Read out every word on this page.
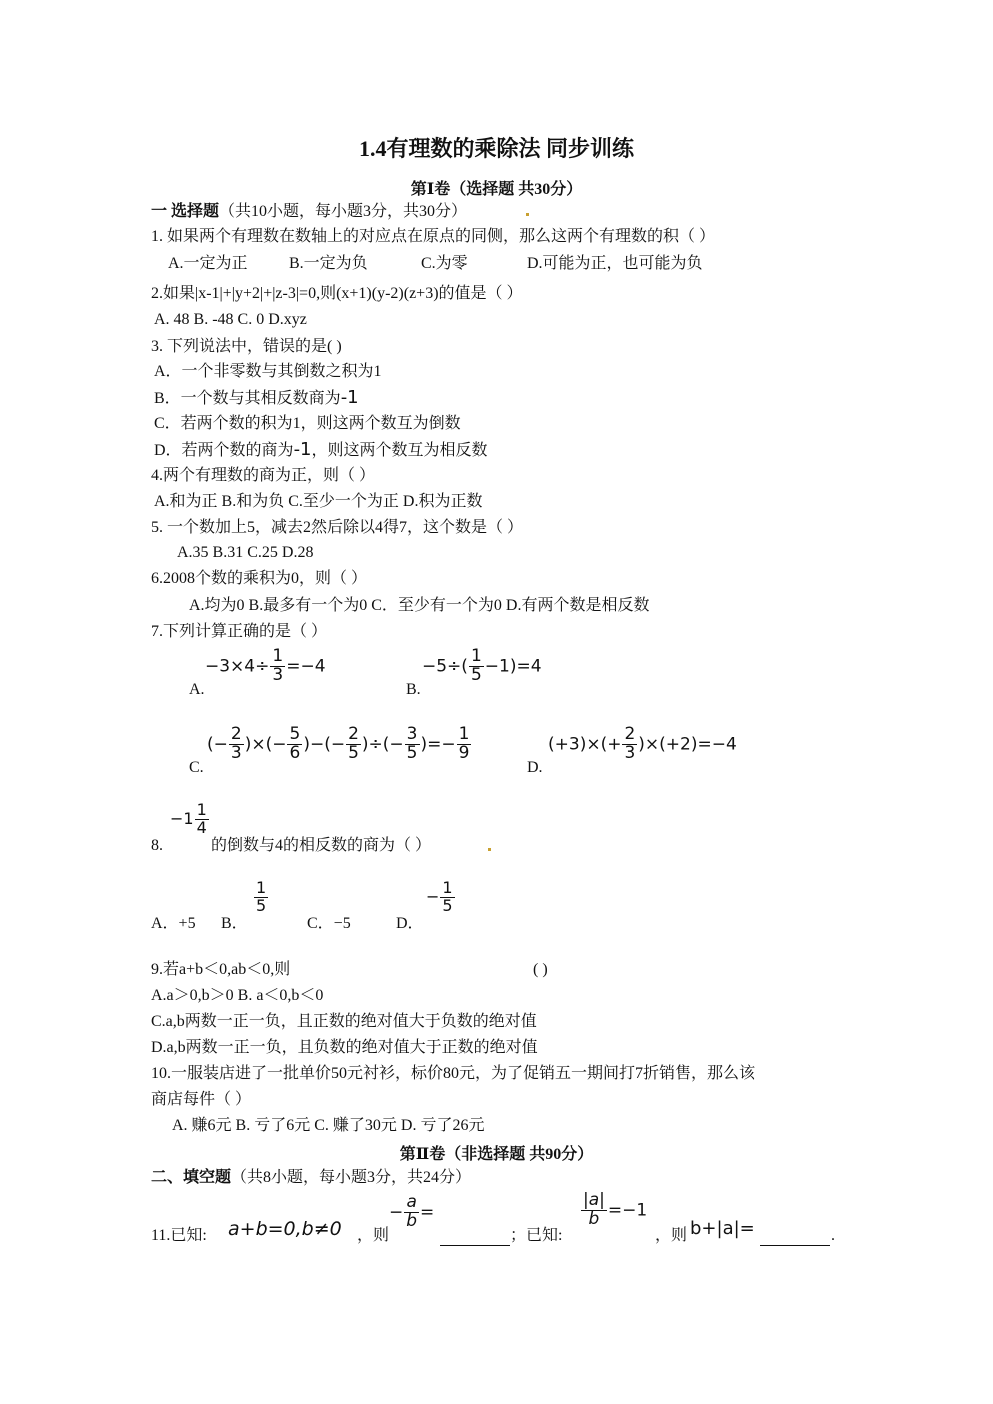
1.4有理数的乘除法 同步训练
第Ⅰ卷（选择题 共30分）
一 选择题（共10小题，每小题3分，共30分）
1. 如果两个有理数在数轴上的对应点在原点的同侧，那么这两个有理数的积（ ）
A.一定为正	B.一定为负	C.为零	D.可能为正，也可能为负
2.如果|x-1|+|y+2|+|z-3|=0,则(x+1)(y-2)(z+3)的值是（ ）
A. 48 B. -48 C. 0 D.xyz
3. 下列说法中，错误的是( )
A．一个非零数与其倒数之积为1
B．一个数与其相反数商为-1
C．若两个数的积为1，则这两个数互为倒数
D．若两个数的商为-1，则这两个数互为相反数
4.两个有理数的商为正，则（ ）
A.和为正 B.和为负 C.至少一个为正 D.积为正数
5. 一个数加上5，减去2然后除以4得7，这个数是（ ）
A.35 B.31 C.25 D.28
6.2008个数的乘积为0，则（ ）
A.均为0 B.最多有一个为0 C．至少有一个为0 D.有两个数是相反数
7.下列计算正确的是（ ）
A.
$-3\times 4\div \frac{1}{3} =-4$
B.
$-5\div( \frac{1}{5} -1)=4$
C.
(− $\frac{2}{3}$ )×(− $\frac{5}{6}$ )−(− $\frac{2}{5}$ )÷(− $\frac{3}{5}$ )=− $\frac{1}{9}$
D.
$(+3)\times(+ \frac{2}{3} )\times(+2)=-4$
8.
$-1 \frac{1}{4}$
的倒数与4的相反数的商为（ ）
A．+5 B．
$\frac{1}{5}$
C．−5	D．
− $\frac{1}{5}$
9.若a+b＜0,ab＜0,则	( )
A.a＞0,b＞0 B. a＜0,b＜0
C.a,b两数一正一负，且正数的绝对值大于负数的绝对值
D.a,b两数一正一负，且负数的绝对值大于正数的绝对值
10.一服装店进了一批单价50元衬衫，标价80元，为了促销五一期间打7折销售，那么该
商店每件（ ）
A. 赚6元 B. 亏了6元 C. 赚了30元 D. 亏了26元
第Ⅱ卷（非选择题 共90分）
二、填空题（共8小题，每小题3分，共24分）
11.已知: a+b=0,b≠0 ，则
− $\frac{a}{b}$ =
；已知:
$\frac{|a|}{b} =-1$
，则 b+|a|=	.
